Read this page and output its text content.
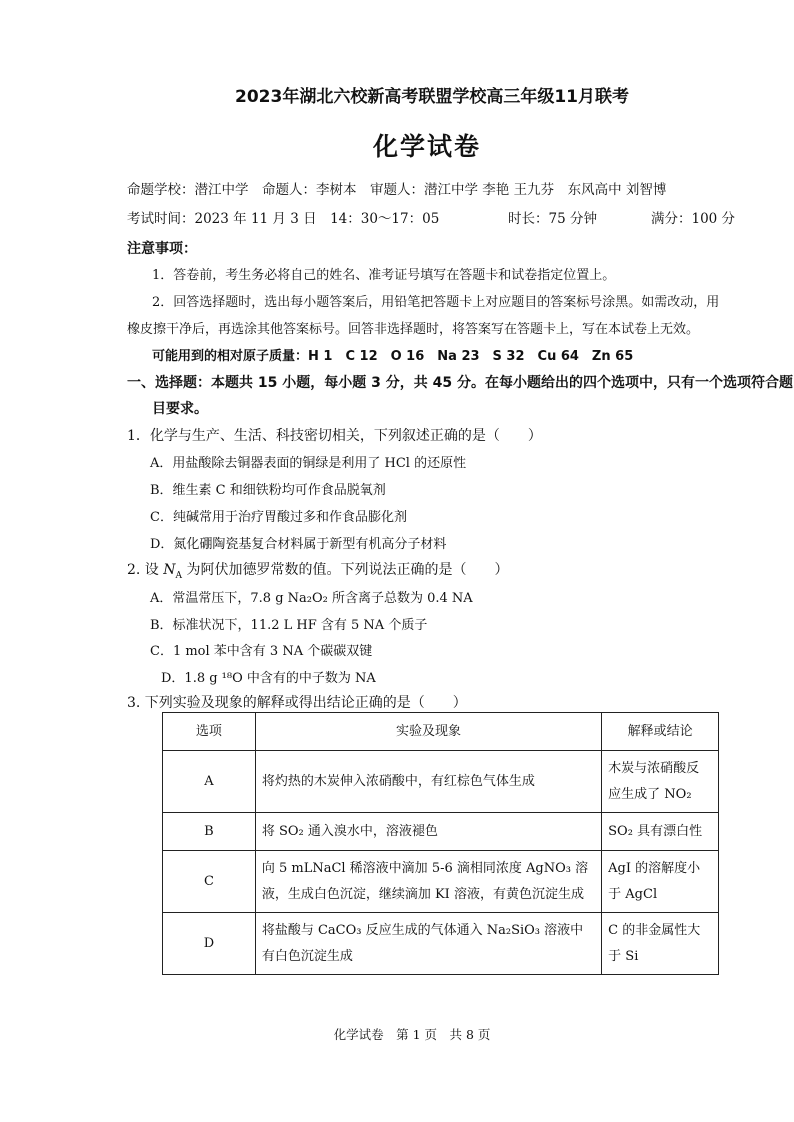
2023年湖北六校新高考联盟学校高三年级11月联考
化学试卷
命题学校：潜江中学　命题人：李树本　审题人：潜江中学 李艳 王九芬　东风高中 刘智博
考试时间：2023 年 11 月 3 日　14：30～17：05	时长：75 分钟	满分：100 分
注意事项：
1．答卷前，考生务必将自己的姓名、准考证号填写在答题卡和试卷指定位置上。
2．回答选择题时，选出每小题答案后，用铅笔把答题卡上对应题目的答案标号涂黑。如需改动，用
橡皮擦干净后，再选涂其他答案标号。回答非选择题时，将答案写在答题卡上，写在本试卷上无效。
可能用到的相对原子质量：H 1　C 12　O 16　Na 23　S 32　Cu 64　Zn 65
一、选择题：本题共 15 小题，每小题 3 分，共 45 分。在每小题给出的四个选项中，只有一个选项符合题
目要求。
1．化学与生产、生活、科技密切相关，下列叙述正确的是（　　）
A．用盐酸除去铜器表面的铜绿是利用了 HCl 的还原性
B．维生素 C 和细铁粉均可作食品脱氧剂
C．纯碱常用于治疗胃酸过多和作食品膨化剂
D．氮化硼陶瓷基复合材料属于新型有机高分子材料
2. 设 $N_A$ 为阿伏加德罗常数的值。下列说法正确的是（　　）
A．常温常压下，7.8 g Na₂O₂ 所含离子总数为 0.4 NA
B．标准状况下，11.2 L HF 含有 5 NA 个质子
C．1 mol 苯中含有 3 NA 个碳碳双键
D．1.8 g ¹⁸O 中含有的中子数为 NA
3. 下列实验及现象的解释或得出结论正确的是（　　）
选项	实验及现象	解释或结论
A	将灼热的木炭伸入浓硝酸中，有红棕色气体生成	木炭与浓硝酸反应生成了 NO₂
B	将 SO₂ 通入溴水中，溶液褪色	SO₂ 具有漂白性
C	向 5 mLNaCl 稀溶液中滴加 5-6 滴相同浓度 AgNO₃ 溶液，生成白色沉淀，继续滴加 KI 溶液，有黄色沉淀生成	AgI 的溶解度小于 AgCl
D	将盐酸与 CaCO₃ 反应生成的气体通入 Na₂SiO₃ 溶液中有白色沉淀生成	C 的非金属性大于 Si
化学试卷　第 1 页　共 8 页
